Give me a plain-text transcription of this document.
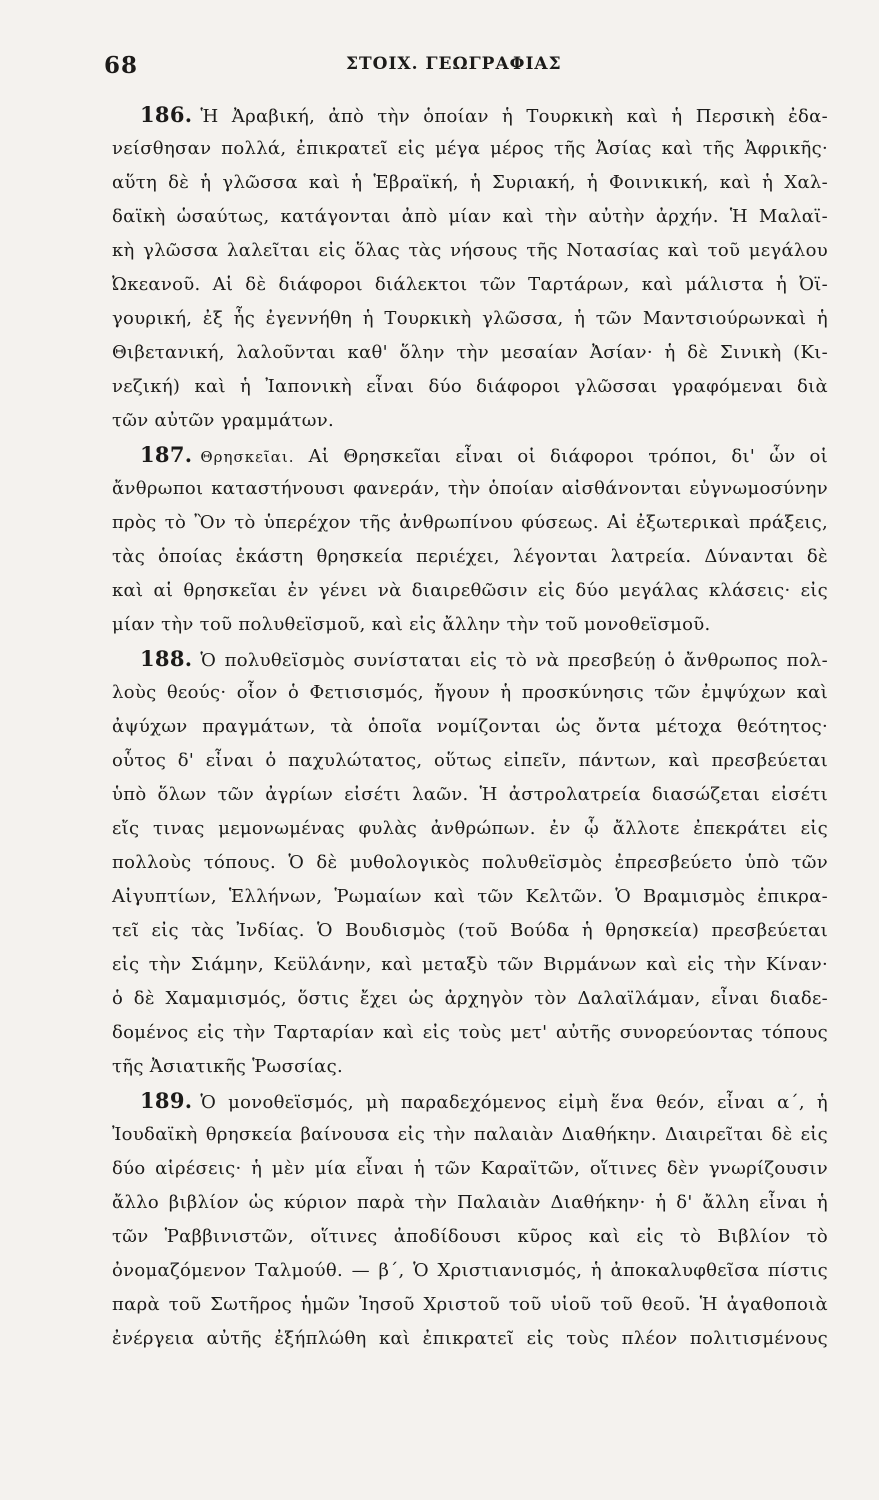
68	ΣΤΟΙΧ. ΓΕΩΓΡΑΦΙΑΣ
186. Ἡ Ἀραβική, ἀπὸ τὴν ὁποίαν ἡ Τουρκικὴ καὶ ἡ Περσικὴ ἐδα-
νείσθησαν πολλά, ἐπικρατεῖ εἰς μέγα μέρος τῆς Ἀσίας καὶ τῆς Ἀφρικῆς·
αὕτη δὲ ἡ γλῶσσα καὶ ἡ Ἑβραϊκή, ἡ Συριακή, ἡ Φοινικική, καὶ ἡ Χαλ-
δαϊκὴ ὡσαύτως, κατάγονται ἀπὸ μίαν καὶ τὴν αὐτὴν ἀρχήν. Ἡ Μαλαϊ-
κὴ γλῶσσα λαλεῖται εἰς ὅλας τὰς νήσους τῆς Νοτασίας καὶ τοῦ μεγάλου
Ὠκεανοῦ. Αἱ δὲ διάφοροι διάλεκτοι τῶν Ταρτάρων, καὶ μάλιστα ἡ Ὀϊ-
γουρική, ἐξ ἧς ἐγεννήθη ἡ Τουρκικὴ γλῶσσα, ἡ τῶν Μαντσιούρωνκαὶ ἡ
Θιβετανική, λαλοῦνται καθ' ὅλην τὴν μεσαίαν Ἀσίαν· ἡ δὲ Σινικὴ (Κι-
νεζική) καὶ ἡ Ἰαπονικὴ εἶναι δύο διάφοροι γλῶσσαι γραφόμεναι διὰ
τῶν αὐτῶν γραμμάτων.
187. Θρησκεῖαι. Αἱ Θρησκεῖαι εἶναι οἱ διάφοροι τρόποι, δι' ὧν οἱ
ἄνθρωποι καταστήνουσι φανεράν, τὴν ὁποίαν αἰσθάνονται εὐγνωμοσύνην
πρὸς τὸ Ὂν τὸ ὑπερέχον τῆς ἀνθρωπίνου φύσεως. Αἱ ἐξωτερικαὶ πράξεις,
τὰς ὁποίας ἑκάστη θρησκεία περιέχει, λέγονται λατρεία. Δύνανται δὲ
καὶ αἱ θρησκεῖαι ἐν γένει νὰ διαιρεθῶσιν εἰς δύο μεγάλας κλάσεις· εἰς
μίαν τὴν τοῦ πολυθεϊσμοῦ, καὶ εἰς ἄλλην τὴν τοῦ μονοθεϊσμοῦ.
188. Ὁ πολυθεϊσμὸς συνίσταται εἰς τὸ νὰ πρεσβεύῃ ὁ ἄνθρωπος πολ-
λοὺς θεούς· οἷον ὁ Φετισισμός, ἤγουν ἡ προσκύνησις τῶν ἐμψύχων καὶ
ἀψύχων πραγμάτων, τὰ ὁποῖα νομίζονται ὡς ὄντα μέτοχα θεότητος·
οὗτος δ' εἶναι ὁ παχυλώτατος, οὕτως εἰπεῖν, πάντων, καὶ πρεσβεύεται
ὑπὸ ὅλων τῶν ἀγρίων εἰσέτι λαῶν. Ἡ ἀστρολατρεία διασώζεται εἰσέτι
εἴς τινας μεμονωμένας φυλὰς ἀνθρώπων. ἐν ᾧ ἄλλοτε ἐπεκράτει εἰς
πολλοὺς τόπους. Ὁ δὲ μυθολογικὸς πολυθεϊσμὸς ἐπρεσβεύετο ὑπὸ τῶν
Αἰγυπτίων, Ἑλλήνων, Ῥωμαίων καὶ τῶν Κελτῶν. Ὁ Βραμισμὸς ἐπικρα-
τεῖ εἰς τὰς Ἰνδίας. Ὁ Βουδισμὸς (τοῦ Βούδα ἡ θρησκεία) πρεσβεύεται
εἰς τὴν Σιάμην, Κεϋλάνην, καὶ μεταξὺ τῶν Βιρμάνων καὶ εἰς τὴν Κίναν·
ὁ δὲ Χαμαμισμός, ὅστις ἔχει ὡς ἀρχηγὸν τὸν Δαλαϊλάμαν, εἶναι διαδε-
δομένος εἰς τὴν Ταρταρίαν καὶ εἰς τοὺς μετ' αὐτῆς συνορεύοντας τόπους
τῆς Ἀσιατικῆς Ῥωσσίας.
189. Ὁ μονοθεϊσμός, μὴ παραδεχόμενος εἰμὴ ἕνα θεόν, εἶναι α΄, ἡ
Ἰουδαϊκὴ θρησκεία βαίνουσα εἰς τὴν παλαιὰν Διαθήκην. Διαιρεῖται δὲ εἰς
δύο αἱρέσεις· ἡ μὲν μία εἶναι ἡ τῶν Καραϊτῶν, οἵτινες δὲν γνωρίζουσιν
ἄλλο βιβλίον ὡς κύριον παρὰ τὴν Παλαιὰν Διαθήκην· ἡ δ' ἄλλη εἶναι ἡ
τῶν Ῥαββινιστῶν, οἵτινες ἀποδίδουσι κῦρος καὶ εἰς τὸ Βιβλίον τὸ
ὀνομαζόμενον Ταλμούθ. — β΄, Ὁ Χριστιανισμός, ἡ ἀποκαλυφθεῖσα πίστις
παρὰ τοῦ Σωτῆρος ἡμῶν Ἰησοῦ Χριστοῦ τοῦ υἱοῦ τοῦ θεοῦ. Ἡ ἀγαθοποιὰ
ἐνέργεια αὐτῆς ἐξήπλώθη καὶ ἐπικρατεῖ εἰς τοὺς πλέον πολιτισμένους
